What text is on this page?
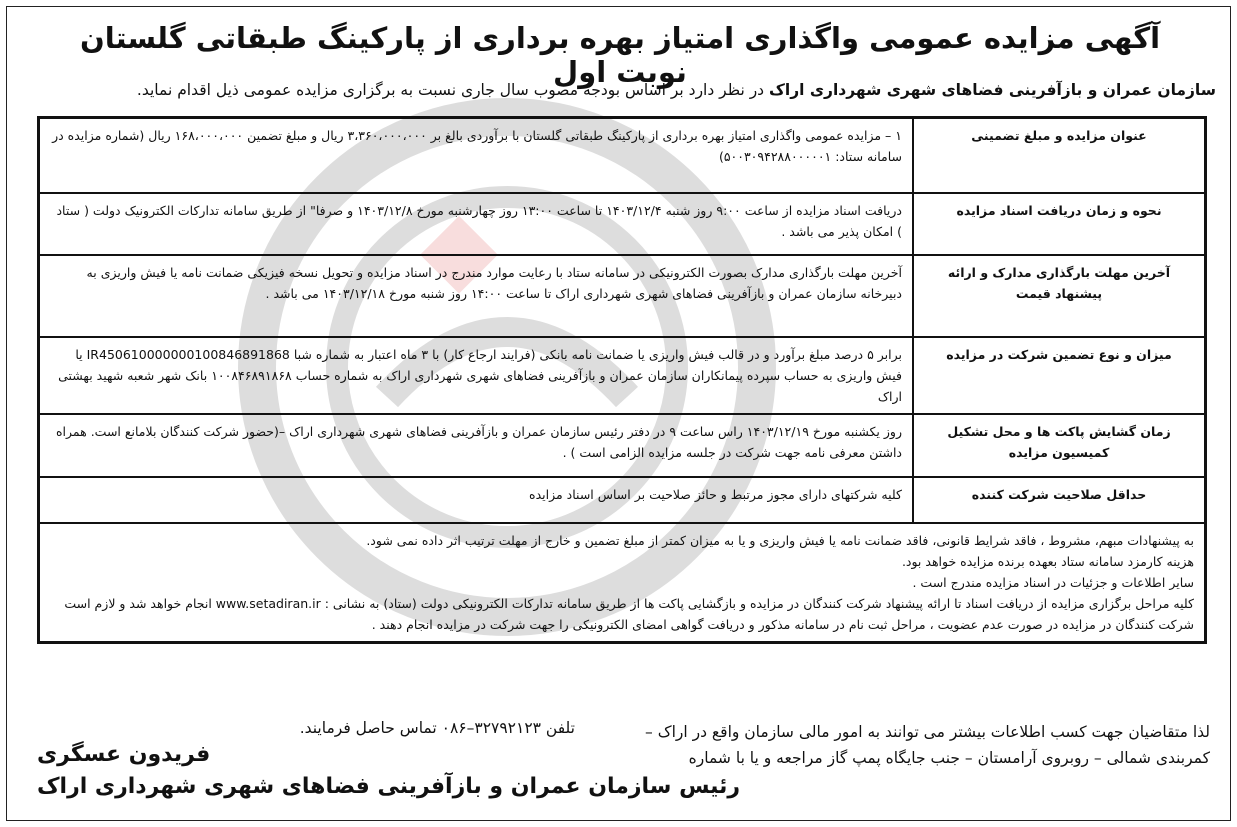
آگهی مزایده عمومی واگذاری امتیاز بهره برداری از پارکینگ طبقاتی گلستان نوبت اول
سازمان عمران و بازآفرینی فضاهای شهری شهرداری اراک در نظر دارد بر اساس بودجه مصوب سال جاری نسبت به برگزاری مزایده عمومی ذیل اقدام نماید.
عنوان مزایده و مبلغ تضمینی	۱ – مزایده عمومی واگذاری امتیاز بهره برداری از پارکینگ طبقاتی گلستان با برآوردی بالغ بر ۳،۳۶۰،۰۰۰،۰۰۰ ریال و مبلغ تضمین ۱۶۸،۰۰۰،۰۰۰ ریال (شماره مزایده در سامانه ستاد: ۵۰۰۳۰۹۴۲۸۸۰۰۰۰۰۱)
نحوه و زمان دریافت اسناد مزایده	دریافت اسناد مزایده از ساعت ۹:۰۰ روز شنبه ۱۴۰۳/۱۲/۴ تا ساعت ۱۳:۰۰ روز چهارشنبه مورخ ۱۴۰۳/۱۲/۸ و صرفا" از طریق سامانه تدارکات الکترونیک دولت ( ستاد ) امکان پذیر می باشد .
آخرین مهلت بارگذاری مدارک و ارائه پیشنهاد قیمت	آخرین مهلت بارگذاری مدارک بصورت الکترونیکی در سامانه ستاد با رعایت موارد مندرج در اسناد مزایده و تحویل نسخه فیزیکی ضمانت نامه یا فیش واریزی به دبیرخانه سازمان عمران و بازآفرینی فضاهای شهری شهرداری اراک تا ساعت ۱۴:۰۰ روز شنبه مورخ ۱۴۰۳/۱۲/۱۸ می باشد .
میزان و نوع تضمین شرکت در مزایده	برابر ۵ درصد مبلغ برآورد و در قالب فیش واریزی یا ضمانت نامه بانکی (فرایند ارجاع کار) با ۳ ماه اعتبار به شماره شبا IR450610000000100846891868 یا فیش واریزی به حساب سپرده پیمانکاران سازمان عمران و بازآفرینی فضاهای شهری شهرداری اراک به شماره حساب ۱۰۰۸۴۶۸۹۱۸۶۸ بانک شهر شعبه شهید بهشتی اراک
زمان گشایش پاکت ها و محل تشکیل کمیسیون مزایده	روز یکشنبه مورخ ۱۴۰۳/۱۲/۱۹ راس ساعت ۹ در دفتر رئیس سازمان عمران و بازآفرینی فضاهای شهری شهرداری اراک –(حضور شرکت کنندگان بلامانع است. همراه داشتن معرفی نامه جهت شرکت در جلسه مزایده الزامی است ) .
حداقل صلاحیت شرکت کننده	کلیه شرکتهای دارای مجوز مرتبط و حائز صلاحیت بر اساس اسناد مزایده

به پیشنهادات مبهم، مشروط ، فاقد شرایط قانونی، فاقد ضمانت نامه یا فیش واریزی و یا به میزان کمتر از مبلغ تضمین و خارج از مهلت ترتیب اثر داده نمی شود.
هزینه کارمزد سامانه ستاد بعهده برنده مزایده خواهد بود.
سایر اطلاعات و جزئیات در اسناد مزایده مندرج است .
کلیه مراحل برگزاری مزایده از دریافت اسناد تا ارائه پیشنهاد شرکت کنندگان در مزایده و بازگشایی پاکت ها از طریق سامانه تدارکات الکترونیکی دولت (ستاد) به نشانی : www.setadiran.ir انجام خواهد شد و لازم است شرکت کنندگان در مزایده در صورت عدم عضویت ، مراحل ثبت نام در سامانه مذکور و دریافت گواهی امضای الکترونیکی را جهت شرکت در مزایده انجام دهند .	
لذا متقاضیان جهت کسب اطلاعات بیشتر می توانند به امور مالی سازمان واقع در اراک – کمربندی شمالی – روبروی آرامستان – جنب جایگاه پمپ گاز مراجعه و یا با شماره
تلفن ۳۲۷۹۲۱۲۳–۰۸۶ تماس حاصل فرمایند.
فریدون عسگری
رئیس سازمان عمران و بازآفرینی فضاهای شهری شهرداری اراک
